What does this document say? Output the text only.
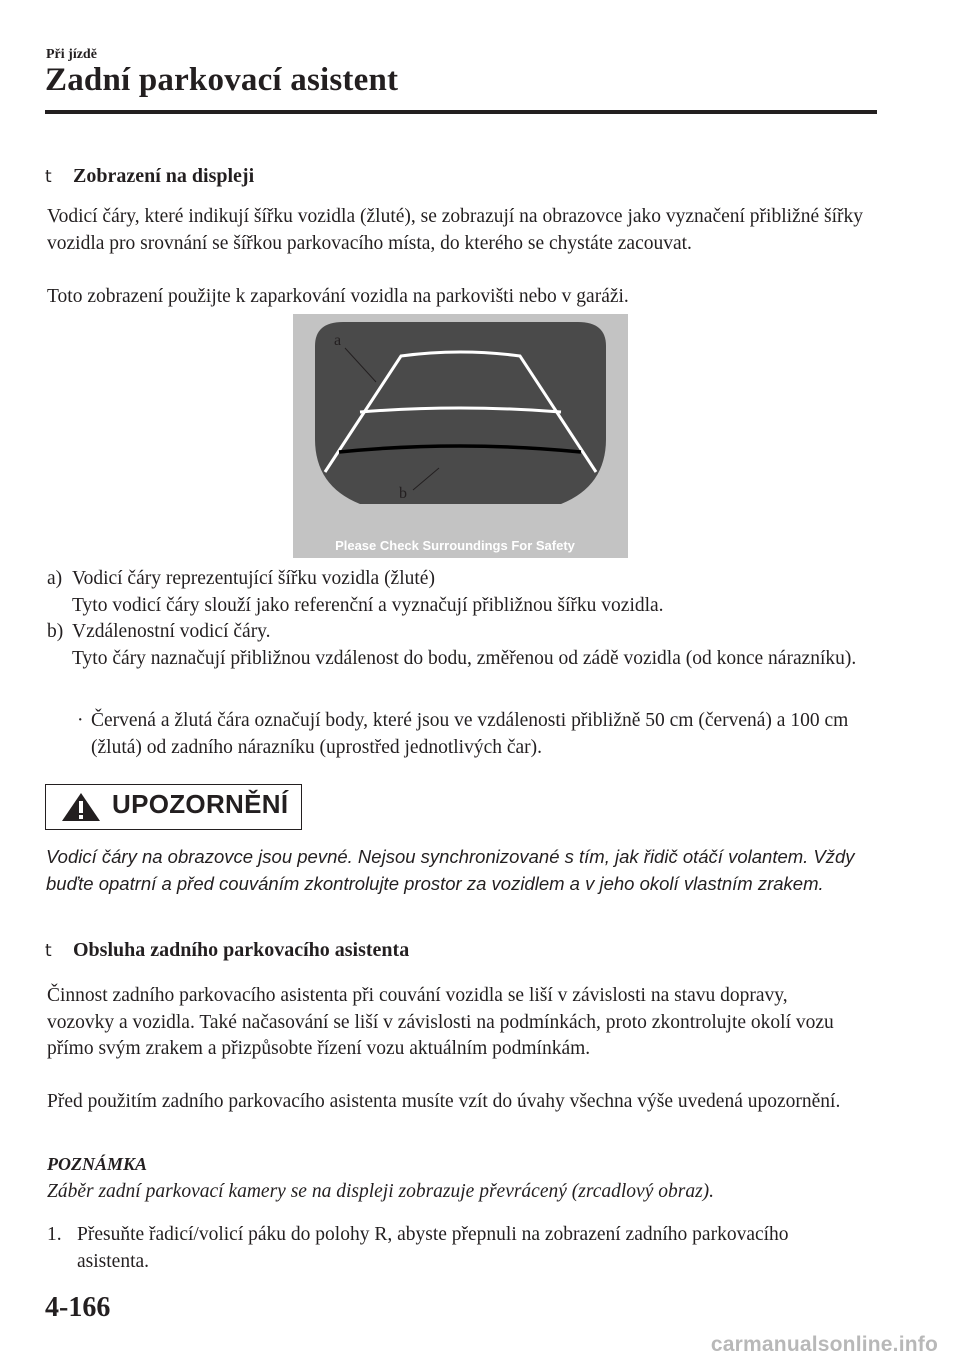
Při jízdě
Zadní parkovací asistent
t Zobrazení na displeji
Vodicí čáry, které indikují šířku vozidla (žluté), se zobrazují na obrazovce jako vyznačení přibližné šířky vozidla pro srovnání se šířkou parkovacího místa, do kterého se chystáte zacouvat.
Toto zobrazení použijte k zaparkování vozidla na parkovišti nebo v garáži.
a
b
Please Check Surroundings For Safety
a) Vodicí čáry reprezentující šířku vozidla (žluté)
Tyto vodicí čáry slouží jako referenční a vyznačují přibližnou šířku vozidla.
b) Vzdálenostní vodicí čáry.
Tyto čáry naznačují přibližnou vzdálenost do bodu, změřenou od zádě vozidla (od konce nárazníku).
· Červená a žlutá čára označují body, které jsou ve vzdálenosti přibližně 50 cm (červená) a 100 cm (žlutá) od zadního nárazníku (uprostřed jednotlivých čar).
UPOZORNĚNÍ
Vodicí čáry na obrazovce jsou pevné. Nejsou synchronizované s tím, jak řidič otáčí volantem. Vždy buďte opatrní a před couváním zkontrolujte prostor za vozidlem a v jeho okolí vlastním zrakem.
t Obsluha zadního parkovacího asistenta
Činnost zadního parkovacího asistenta při couvání vozidla se liší v závislosti na stavu dopravy, vozovky a vozidla. Také načasování se liší v závislosti na podmínkách, proto zkontrolujte okolí vozu přímo svým zrakem a přizpůsobte řízení vozu aktuálním podmínkám.
Před použitím zadního parkovacího asistenta musíte vzít do úvahy všechna výše uvedená upozornění.
POZNÁMKA
Záběr zadní parkovací kamery se na displeji zobrazuje převrácený (zrcadlový obraz).
1. Přesuňte řadicí/volicí páku do polohy R, abyste přepnuli na zobrazení zadního parkovacího asistenta.
4-166
carmanualsonline.info
